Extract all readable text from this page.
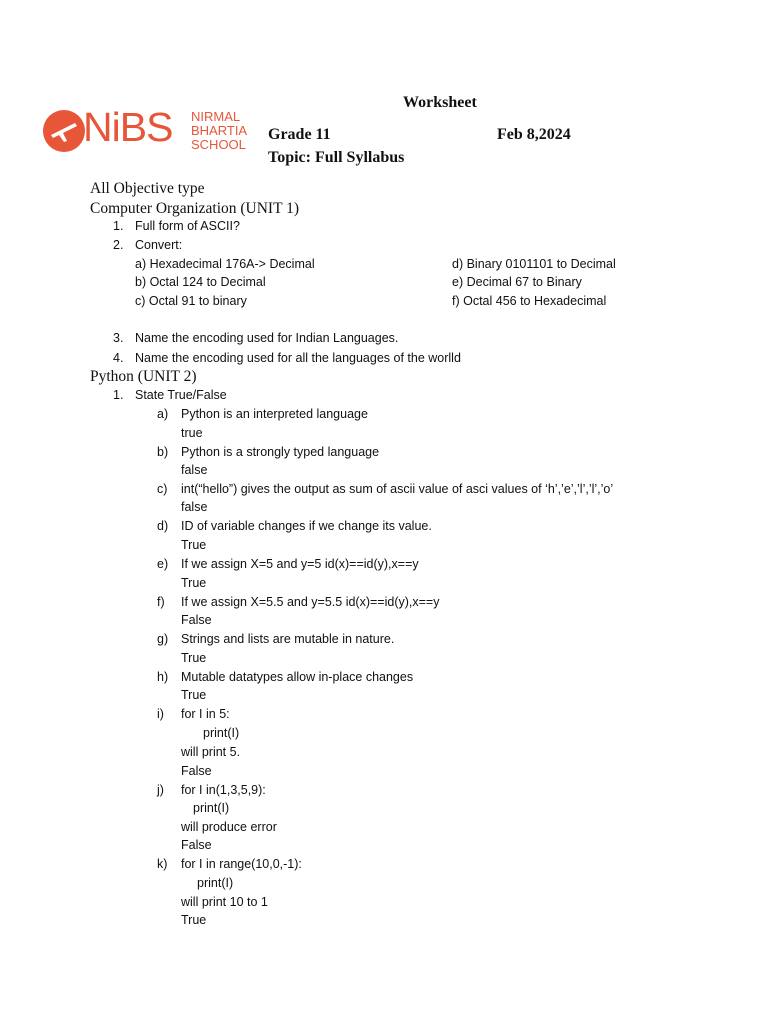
NiBS NIRMAL
BHARTIA
SCHOOL
Worksheet
Grade 11	Feb 8,2024
Topic: Full Syllabus
All Objective type
Computer Organization (UNIT 1)
1. Full form of ASCII?
2. Convert:
a) Hexadecimal 176A-> Decimal
b) Octal 124 to Decimal
c) Octal 91 to binary
d) Binary 0101101 to Decimal
e) Decimal 67 to Binary
f) Octal 456 to Hexadecimal
3. Name the encoding used for Indian Languages.
4. Name the encoding used for all the languages of the worlld
Python (UNIT 2)
1. State True/False
a) Python is an interpreted language
true
b) Python is a strongly typed language
false
c) int(“hello”) gives the output as sum of ascii value of asci values of ‘h’,’e’,’l’,’l’,’o’
false
d) ID of variable changes if we change its value.
True
e) If we assign X=5 and y=5 id(x)==id(y),x==y
True
f) If we assign X=5.5 and y=5.5 id(x)==id(y),x==y
False
g) Strings and lists are mutable in nature.
True
h) Mutable datatypes allow in-place changes
True
i) for I in 5:
print(I)
will print 5.
False
j) for I in(1,3,5,9):
print(I)
will produce error
False
k) for I in range(10,0,-1):
print(I)
will print 10 to 1
True
